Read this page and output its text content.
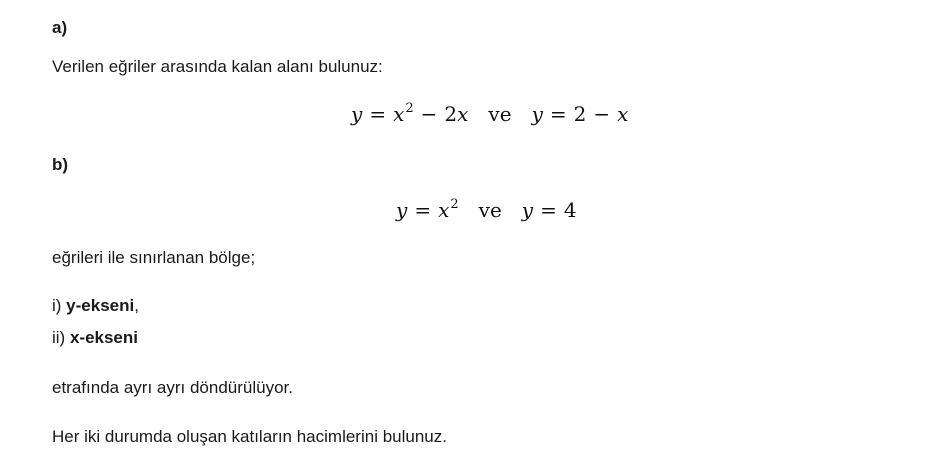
a)
Verilen eğriler arasında kalan alanı bulunuz:
$y = x^2 - 2x$ ve y = 2 − x
b)
$y = x^2$ ve y = 4
eğrileri ile sınırlanan bölge;
i) y-ekseni,
ii) x-ekseni
etrafında ayrı ayrı döndürülüyor.
Her iki durumda oluşan katıların hacimlerini bulunuz.
